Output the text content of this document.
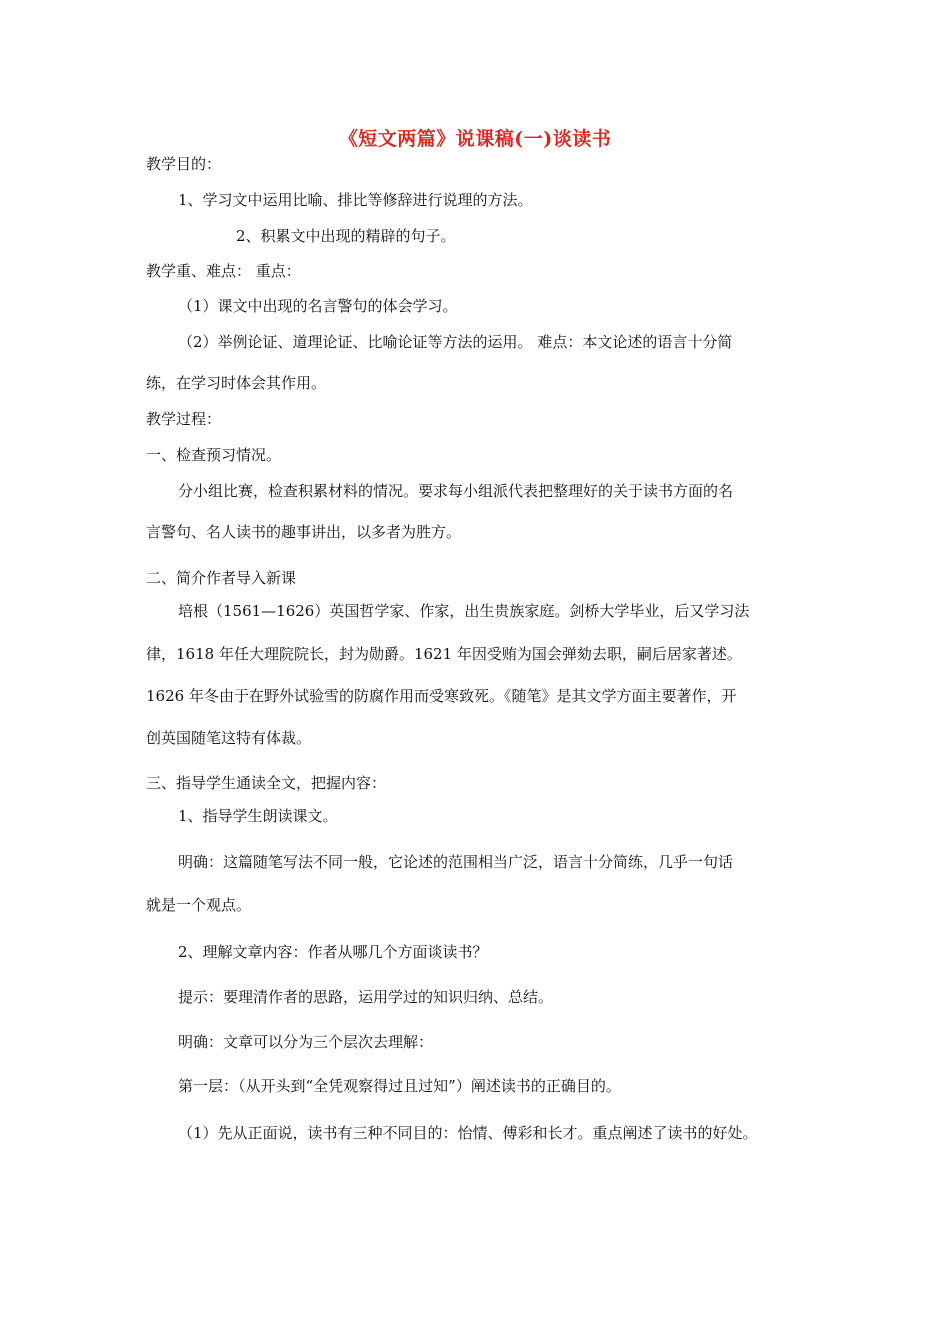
《短文两篇》说课稿(一)谈读书
教学目的：
1、学习文中运用比喻、排比等修辞进行说理的方法。
2、积累文中出现的精辟的句子。
教学重、难点： 重点：
（1）课文中出现的名言警句的体会学习。
（2）举例论证、道理论证、比喻论证等方法的运用。 难点：本文论述的语言十分简
练，在学习时体会其作用。
教学过程：
一、检查预习情况。
分小组比赛，检查积累材料的情况。要求每小组派代表把整理好的关于读书方面的名
言警句、名人读书的趣事讲出，以多者为胜方。
二、简介作者导入新课
培根（1561—1626）英国哲学家、作家，出生贵族家庭。剑桥大学毕业，后又学习法
律，1618 年任大理院院长，封为勋爵。1621 年因受贿为国会弹劾去职，嗣后居家著述。
1626 年冬由于在野外试验雪的防腐作用而受寒致死。《随笔》是其文学方面主要著作，开
创英国随笔这特有体裁。
三、指导学生通读全文，把握内容：
1、指导学生朗读课文。
明确：这篇随笔写法不同一般，它论述的范围相当广泛，语言十分简练，几乎一句话
就是一个观点。
2、理解文章内容：作者从哪几个方面谈读书？
提示：要理清作者的思路，运用学过的知识归纳、总结。
明确：文章可以分为三个层次去理解：
第一层：（从开头到“全凭观察得过且过知”）阐述读书的正确目的。
（1）先从正面说，读书有三种不同目的：怡情、傅彩和长才。重点阐述了读书的好处。
